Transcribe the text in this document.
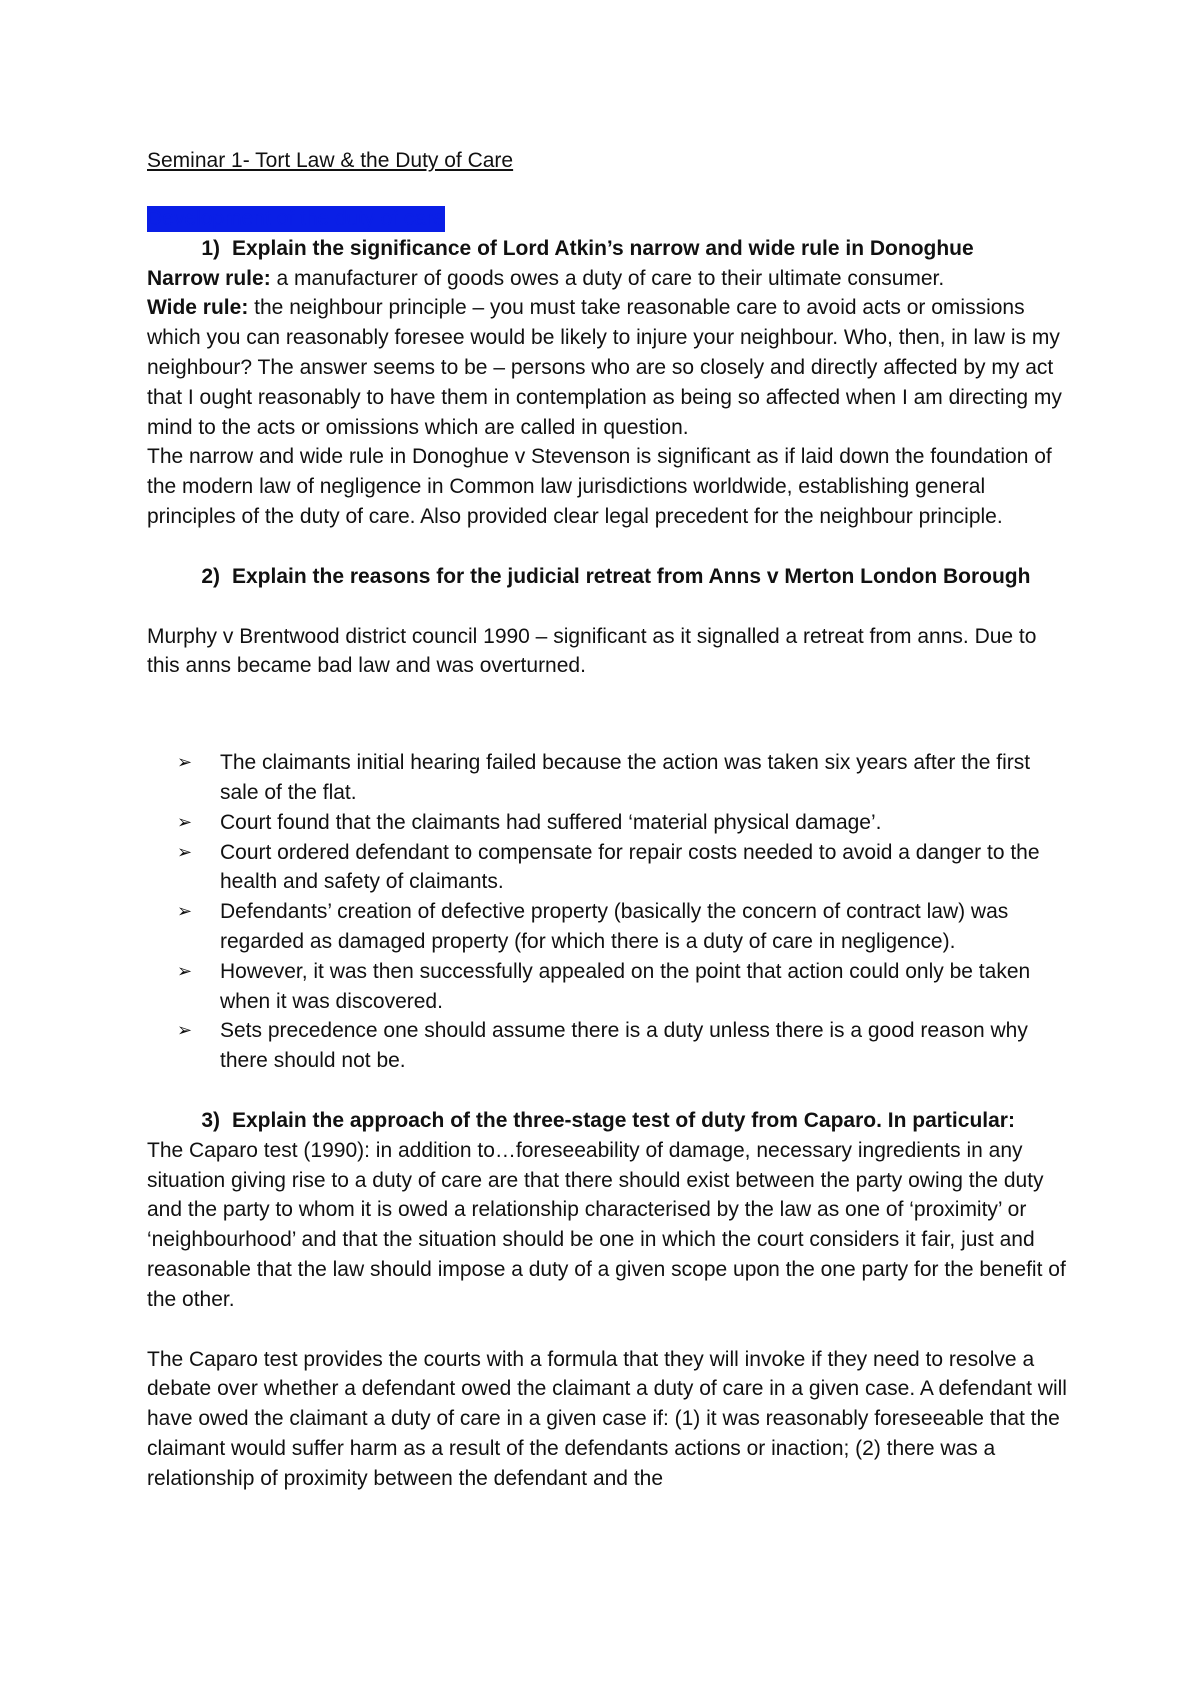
Seminar 1- Tort Law & the Duty of Care

Development of the duty of care
1) Explain the significance of Lord Atkin’s narrow and wide rule in Donoghue

Narrow rule: a manufacturer of goods owes a duty of care to their ultimate consumer.

Wide rule: the neighbour principle – you must take reasonable care to avoid acts or omissions which you can reasonably foresee would be likely to injure your neighbour. Who, then, in law is my neighbour? The answer seems to be – persons who are so closely and directly affected by my act that I ought reasonably to have them in contemplation as being so affected when I am directing my mind to the acts or omissions which are called in question.

The narrow and wide rule in Donoghue v Stevenson is significant as if laid down the foundation of the modern law of negligence in Common law jurisdictions worldwide, establishing general principles of the duty of care. Also provided clear legal precedent for the neighbour principle.

2) Explain the reasons for the judicial retreat from Anns v Merton London Borough

Murphy v Brentwood district council 1990 – significant as it signalled a retreat from anns. Due to this anns became bad law and was overturned.

➢	The claimants initial hearing failed because the action was taken six years after the first sale of the flat.
➢	Court found that the claimants had suffered ‘material physical damage’.
➢	Court ordered defendant to compensate for repair costs needed to avoid a danger to the health and safety of claimants.
➢	Defendants’ creation of defective property (basically the concern of contract law) was regarded as damaged property (for which there is a duty of care in negligence).
➢	However, it was then successfully appealed on the point that action could only be taken when it was discovered.
➢	Sets precedence one should assume there is a duty unless there is a good reason why there should not be.
3) Explain the approach of the three-stage test of duty from Caparo. In particular:

The Caparo test (1990): in addition to…foreseeability of damage, necessary ingredients in any situation giving rise to a duty of care are that there should exist between the party owing the duty and the party to whom it is owed a relationship characterised by the law as one of ‘proximity’ or ‘neighbourhood’ and that the situation should be one in which the court considers it fair, just and reasonable that the law should impose a duty of a given scope upon the one party for the benefit of the other.

The Caparo test provides the courts with a formula that they will invoke if they need to resolve a debate over whether a defendant owed the claimant a duty of care in a given case. A defendant will have owed the claimant a duty of care in a given case if: (1) it was reasonably foreseeable that the claimant would suffer harm as a result of the defendants actions or inaction; (2) there was a relationship of proximity between the defendant and the
